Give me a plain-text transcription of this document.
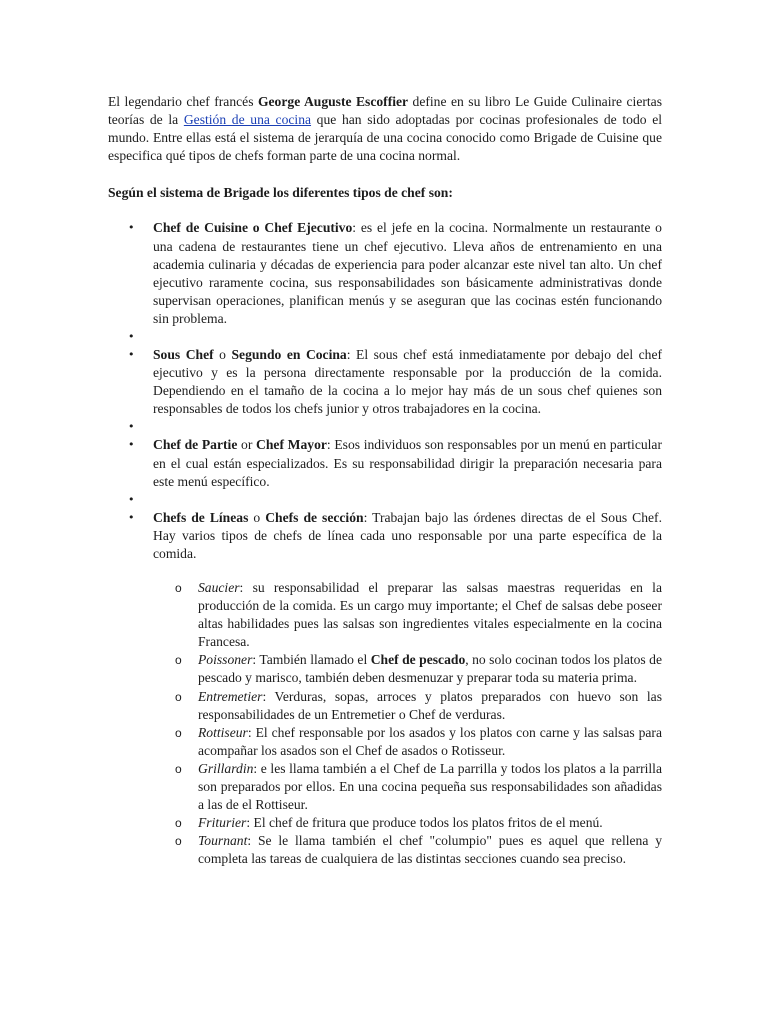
El legendario chef francés George Auguste Escoffier define en su libro Le Guide Culinaire ciertas teorías de la Gestión de una cocina que han sido adoptadas por cocinas profesionales de todo el mundo. Entre ellas está el sistema de jerarquía de una cocina conocido como Brigade de Cuisine que especifica qué tipos de chefs forman parte de una cocina normal.

Según el sistema de Brigade los diferentes tipos de chef son:

• Chef de Cuisine o Chef Ejecutivo: es el jefe en la cocina. Normalmente un restaurante o una cadena de restaurantes tiene un chef ejecutivo. Lleva años de entrenamiento en una academia culinaria y décadas de experiencia para poder alcanzar este nivel tan alto. Un chef ejecutivo raramente cocina, sus responsabilidades son básicamente administrativas donde supervisan operaciones, planifican menús y se aseguran que las cocinas estén funcionando sin problema.
•
• Sous Chef o Segundo en Cocina: El sous chef está inmediatamente por debajo del chef ejecutivo y es la persona directamente responsable por la producción de la comida. Dependiendo en el tamaño de la cocina a lo mejor hay más de un sous chef quienes son responsables de todos los chefs junior y otros trabajadores en la cocina.
•
• Chef de Partie or Chef Mayor: Esos individuos son responsables por un menú en particular en el cual están especializados. Es su responsabilidad dirigir la preparación necesaria para este menú específico.
•
• Chefs de Líneas o Chefs de sección: Trabajan bajo las órdenes directas de el Sous Chef. Hay varios tipos de chefs de línea cada uno responsable por una parte específica de la comida.
o Saucier: su responsabilidad el preparar las salsas maestras requeridas en la producción de la comida. Es un cargo muy importante; el Chef de salsas debe poseer altas habilidades pues las salsas son ingredientes vitales especialmente en la cocina Francesa.
o Poissoner: También llamado el Chef de pescado, no solo cocinan todos los platos de pescado y marisco, también deben desmenuzar y preparar toda su materia prima.
o Entremetier: Verduras, sopas, arroces y platos preparados con huevo son las responsabilidades de un Entremetier o Chef de verduras.
o Rottiseur: El chef responsable por los asados y los platos con carne y las salsas para acompañar los asados son el Chef de asados o Rotisseur.
o Grillardin: e les llama también a el Chef de La parrilla y todos los platos a la parrilla son preparados por ellos. En una cocina pequeña sus responsabilidades son añadidas a las de el Rottiseur.
o Friturier: El chef de fritura que produce todos los platos fritos de el menú.
o Tournant: Se le llama también el chef "columpio" pues es aquel que rellena y completa las tareas de cualquiera de las distintas secciones cuando sea preciso.
